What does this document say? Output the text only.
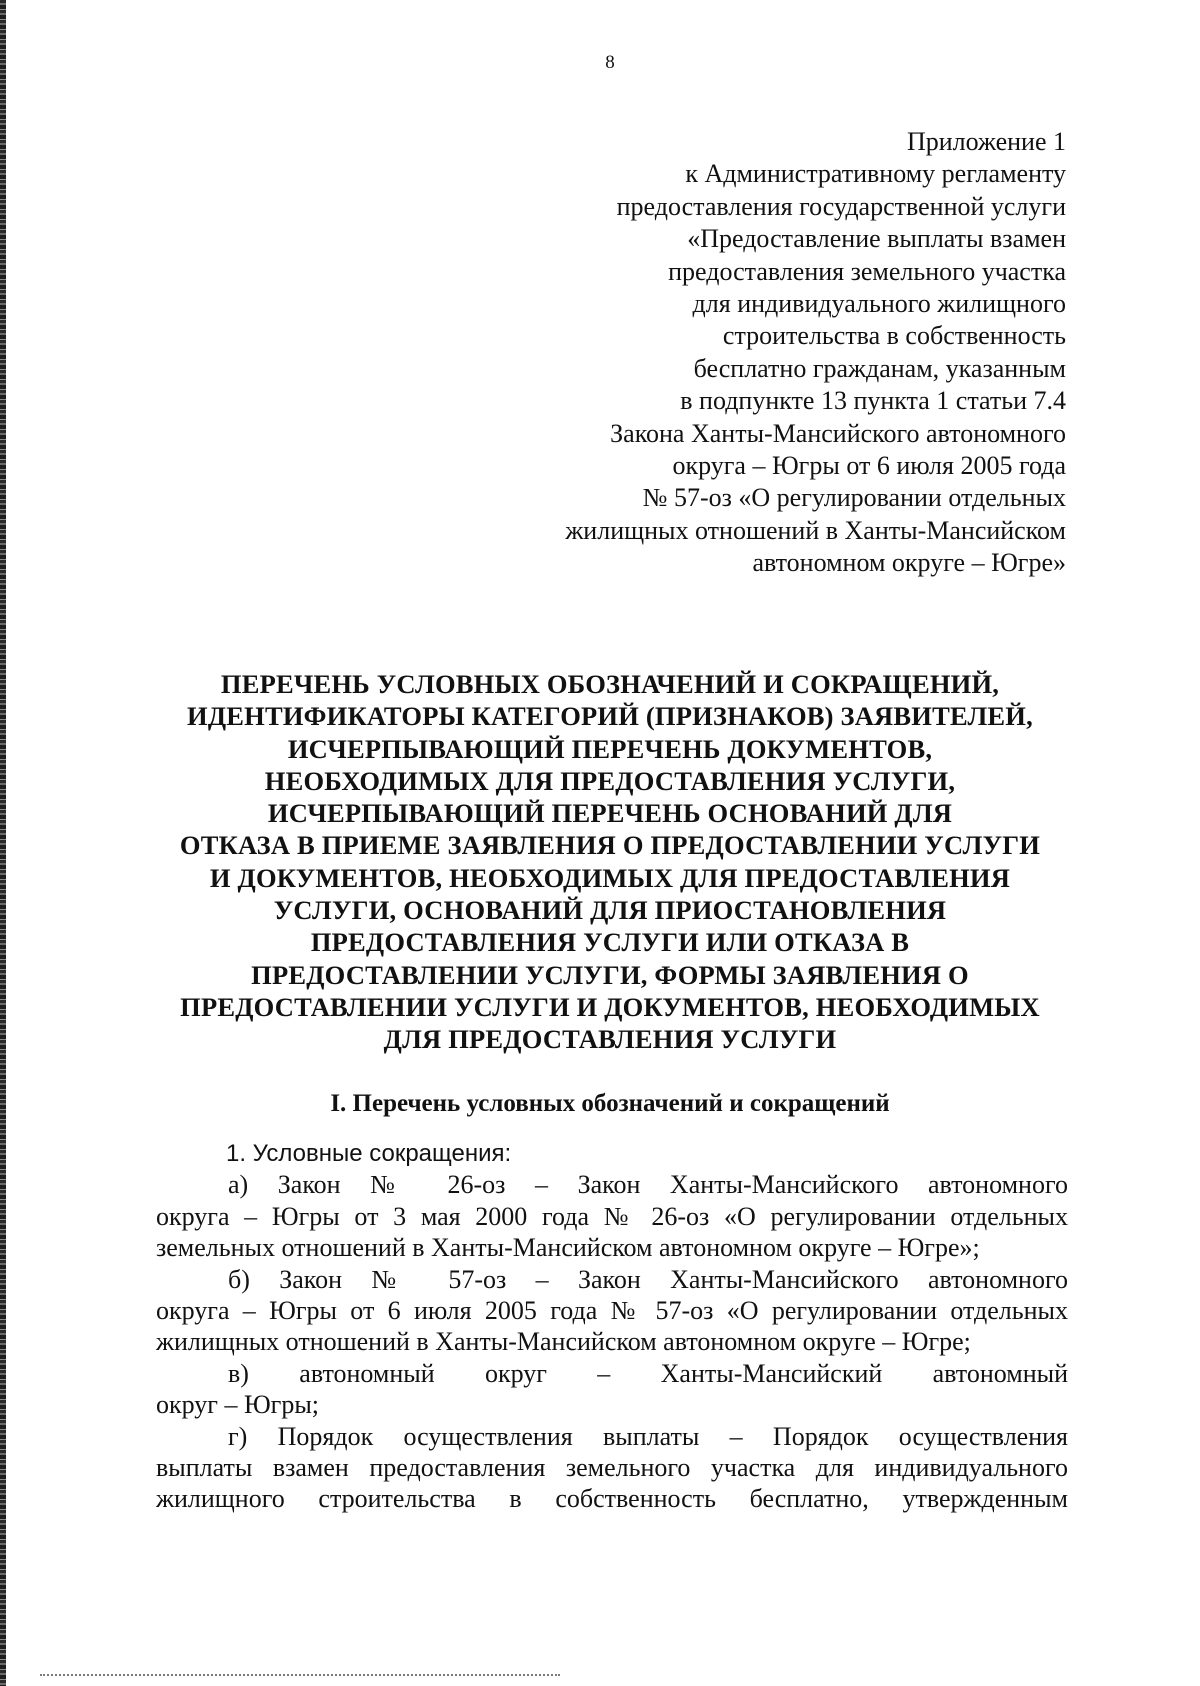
8
Приложение 1
к Административному регламенту
предоставления государственной услуги
«Предоставление выплаты взамен
предоставления земельного участка
для индивидуального жилищного
строительства в собственность
бесплатно гражданам, указанным
в подпункте 13 пункта 1 статьи 7.4
Закона Ханты-Мансийского автономного
округа – Югры от 6 июля 2005 года
№ 57-оз «О регулировании отдельных
жилищных отношений в Ханты-Мансийском
автономном округе – Югре»
ПЕРЕЧЕНЬ УСЛОВНЫХ ОБОЗНАЧЕНИЙ И СОКРАЩЕНИЙ,
ИДЕНТИФИКАТОРЫ КАТЕГОРИЙ (ПРИЗНАКОВ) ЗАЯВИТЕЛЕЙ,
ИСЧЕРПЫВАЮЩИЙ ПЕРЕЧЕНЬ ДОКУМЕНТОВ,
НЕОБХОДИМЫХ ДЛЯ ПРЕДОСТАВЛЕНИЯ УСЛУГИ,
ИСЧЕРПЫВАЮЩИЙ ПЕРЕЧЕНЬ ОСНОВАНИЙ ДЛЯ
ОТКАЗА В ПРИЕМЕ ЗАЯВЛЕНИЯ О ПРЕДОСТАВЛЕНИИ УСЛУГИ
И ДОКУМЕНТОВ, НЕОБХОДИМЫХ ДЛЯ ПРЕДОСТАВЛЕНИЯ
УСЛУГИ, ОСНОВАНИЙ ДЛЯ ПРИОСТАНОВЛЕНИЯ
ПРЕДОСТАВЛЕНИЯ УСЛУГИ ИЛИ ОТКАЗА В
ПРЕДОСТАВЛЕНИИ УСЛУГИ, ФОРМЫ ЗАЯВЛЕНИЯ О
ПРЕДОСТАВЛЕНИИ УСЛУГИ И ДОКУМЕНТОВ, НЕОБХОДИМЫХ
ДЛЯ ПРЕДОСТАВЛЕНИЯ УСЛУГИ
I. Перечень условных обозначений и сокращений
1. Условные сокращения:
а) Закон № 26-оз – Закон Ханты-Мансийского автономного
округа – Югры от 3 мая 2000 года № 26-оз «О регулировании отдельных
земельных отношений в Ханты-Мансийском автономном округе – Югре»;
б) Закон № 57-оз – Закон Ханты-Мансийского автономного
округа – Югры от 6 июля 2005 года № 57-оз «О регулировании отдельных
жилищных отношений в Ханты-Мансийском автономном округе – Югре;
в) автономный округ – Ханты-Мансийский автономный
округ – Югры;
г) Порядок осуществления выплаты – Порядок осуществления
выплаты взамен предоставления земельного участка для индивидуального
жилищного строительства в собственность бесплатно, утвержденным
